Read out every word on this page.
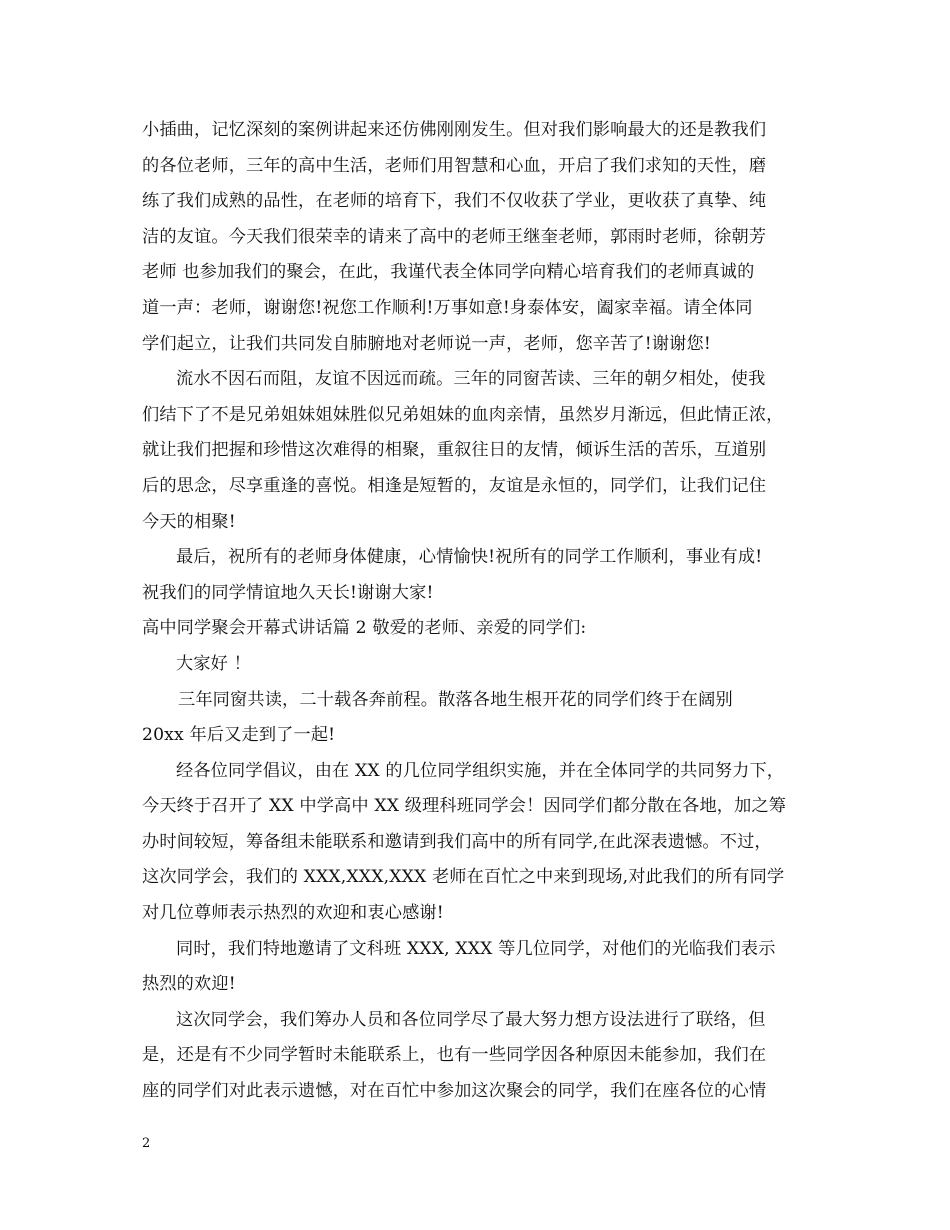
小插曲，记忆深刻的案例讲起来还仿佛刚刚发生。但对我们影响最大的还是教我们
的各位老师，三年的高中生活，老师们用智慧和心血，开启了我们求知的天性，磨
练了我们成熟的品性，在老师的培育下，我们不仅收获了学业，更收获了真挚、纯
洁的友谊。今天我们很荣幸的请来了高中的老师王继奎老师，郭雨时老师，徐朝芳
老师 也参加我们的聚会，在此，我谨代表全体同学向精心培育我们的老师真诚的
道一声：老师，谢谢您!祝您工作顺利!万事如意!身泰体安，阖家幸福。请全体同
学们起立，让我们共同发自肺腑地对老师说一声，老师，您辛苦了!谢谢您!
流水不因石而阻，友谊不因远而疏。三年的同窗苦读、三年的朝夕相处，使我
们结下了不是兄弟姐妹姐妹胜似兄弟姐妹的血肉亲情，虽然岁月渐远，但此情正浓，
就让我们把握和珍惜这次难得的相聚，重叙往日的友情，倾诉生活的苦乐，互道别
后的思念，尽享重逢的喜悦。相逢是短暂的，友谊是永恒的，同学们，让我们记住
今天的相聚!
最后，祝所有的老师身体健康，心情愉快!祝所有的同学工作顺利，事业有成!
祝我们的同学情谊地久天长!谢谢大家!
高中同学聚会开幕式讲话篇 2 敬爱的老师、亲爱的同学们:
大家好 ！
三年同窗共读，二十载各奔前程。散落各地生根开花的同学们终于在阔别
20xx 年后又走到了一起!
经各位同学倡议，由在 XX 的几位同学组织实施，并在全体同学的共同努力下，
今天终于召开了 XX 中学高中 XX 级理科班同学会！因同学们都分散在各地，加之筹
办时间较短，筹备组未能联系和邀请到我们高中的所有同学,在此深表遗憾。不过，
这次同学会，我们的 XXX,XXX,XXX 老师在百忙之中来到现场,对此我们的所有同学
对几位尊师表示热烈的欢迎和衷心感谢!
同时，我们特地邀请了文科班 XXX, XXX 等几位同学，对他们的光临我们表示
热烈的欢迎!
这次同学会，我们筹办人员和各位同学尽了最大努力想方设法进行了联络，但
是，还是有不少同学暂时未能联系上，也有一些同学因各种原因未能参加，我们在
座的同学们对此表示遗憾，对在百忙中参加这次聚会的同学，我们在座各位的心情
2
